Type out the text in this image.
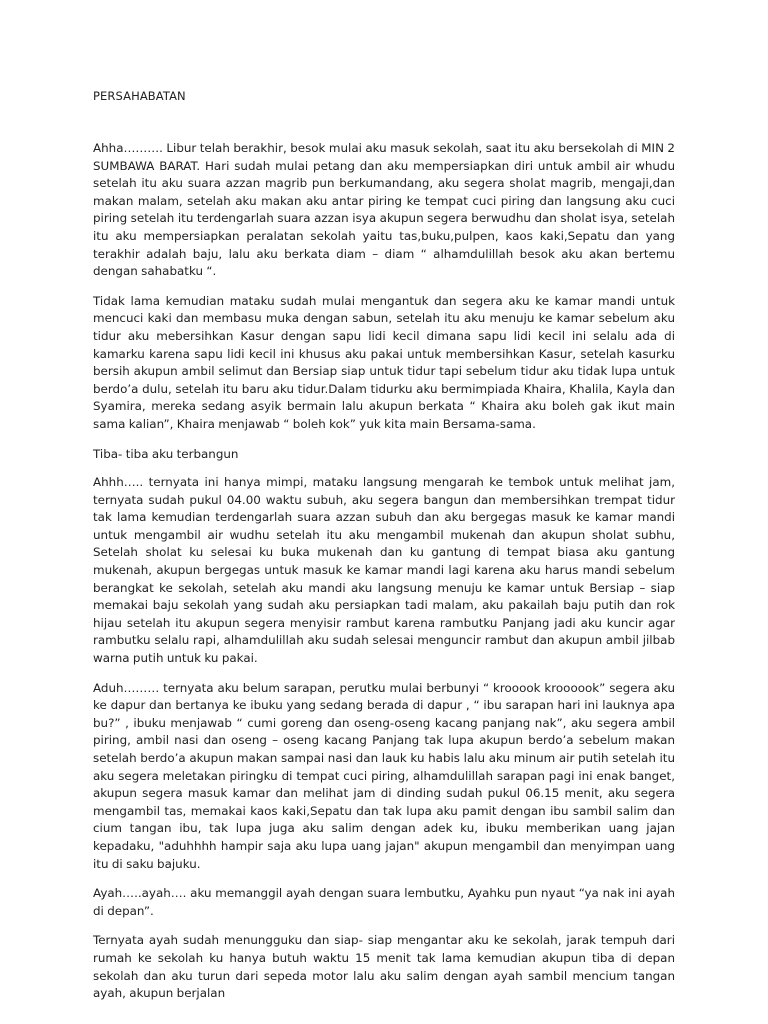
PERSAHABATAN

Ahha………. Libur telah berakhir, besok mulai aku masuk sekolah, saat itu aku bersekolah di MIN 2 SUMBAWA BARAT. Hari sudah mulai petang dan aku mempersiapkan diri untuk ambil air whudu setelah itu aku suara azzan magrib pun berkumandang, aku segera sholat magrib, mengaji,dan makan malam, setelah aku makan aku antar piring ke tempat cuci piring dan langsung aku cuci piring setelah itu terdengarlah suara azzan isya akupun segera berwudhu dan sholat isya, setelah itu aku mempersiapkan peralatan sekolah yaitu tas,buku,pulpen, kaos kaki,Sepatu dan yang terakhir adalah baju, lalu aku berkata diam – diam “ alhamdulillah besok aku akan bertemu dengan sahabatku “.

Tidak lama kemudian mataku sudah mulai mengantuk dan segera aku ke kamar mandi untuk mencuci kaki dan membasu muka dengan sabun, setelah itu aku menuju ke kamar sebelum aku tidur aku mebersihkan Kasur dengan sapu lidi kecil dimana sapu lidi kecil ini selalu ada di kamarku karena sapu lidi kecil ini khusus aku pakai untuk membersihkan Kasur, setelah kasurku bersih akupun ambil selimut dan Bersiap siap untuk tidur tapi sebelum tidur aku tidak lupa untuk berdo’a dulu, setelah itu baru aku tidur.Dalam tidurku aku bermimpiada Khaira, Khalila, Kayla dan Syamira, mereka sedang asyik bermain lalu akupun berkata “ Khaira aku boleh gak ikut main sama kalian”, Khaira menjawab “ boleh kok” yuk kita main Bersama-sama.

Tiba- tiba aku terbangun

Ahhh….. ternyata ini hanya mimpi, mataku langsung mengarah ke tembok untuk melihat jam, ternyata sudah pukul 04.00 waktu subuh, aku segera bangun dan membersihkan trempat tidur tak lama kemudian terdengarlah suara azzan subuh dan aku bergegas masuk ke kamar mandi untuk mengambil air wudhu setelah itu aku mengambil mukenah dan akupun sholat subhu, Setelah sholat ku selesai ku buka mukenah dan ku gantung di tempat biasa aku gantung mukenah, akupun bergegas untuk masuk ke kamar mandi lagi karena aku harus mandi sebelum berangkat ke sekolah, setelah aku mandi aku langsung menuju ke kamar untuk Bersiap – siap memakai baju sekolah yang sudah aku persiapkan tadi malam, aku pakailah baju putih dan rok hijau setelah itu akupun segera menyisir rambut karena rambutku Panjang jadi aku kuncir agar rambutku selalu rapi, alhamdulillah aku sudah selesai menguncir rambut dan akupun ambil jilbab warna putih untuk ku pakai.

Aduh……… ternyata aku belum sarapan, perutku mulai berbunyi “ krooook kroooook” segera aku ke dapur dan bertanya ke ibuku yang sedang berada di dapur , “ ibu sarapan hari ini lauknya apa bu?” , ibuku menjawab “ cumi goreng dan oseng-oseng kacang panjang nak”, aku segera ambil piring, ambil nasi dan oseng – oseng kacang Panjang tak lupa akupun berdo’a sebelum makan setelah berdo’a akupun makan sampai nasi dan lauk ku habis lalu aku minum air putih setelah itu aku segera meletakan piringku di tempat cuci piring, alhamdulillah sarapan pagi ini enak banget, akupun segera masuk kamar dan melihat jam di dinding sudah pukul 06.15 menit, aku segera mengambil tas, memakai kaos kaki,Sepatu dan tak lupa aku pamit dengan ibu sambil salim dan cium tangan ibu, tak lupa juga aku salim dengan adek ku, ibuku memberikan uang jajan kepadaku, "aduhhhh hampir saja aku lupa uang jajan" akupun mengambil dan menyimpan uang itu di saku bajuku.

Ayah…..ayah…. aku memanggil ayah dengan suara lembutku, Ayahku pun nyaut “ya nak ini ayah di depan”.

Ternyata ayah sudah menungguku dan siap- siap mengantar aku ke sekolah, jarak tempuh dari rumah ke sekolah ku hanya butuh waktu 15 menit tak lama kemudian akupun tiba di depan sekolah dan aku turun dari sepeda motor lalu aku salim dengan ayah sambil mencium tangan ayah, akupun berjalan
